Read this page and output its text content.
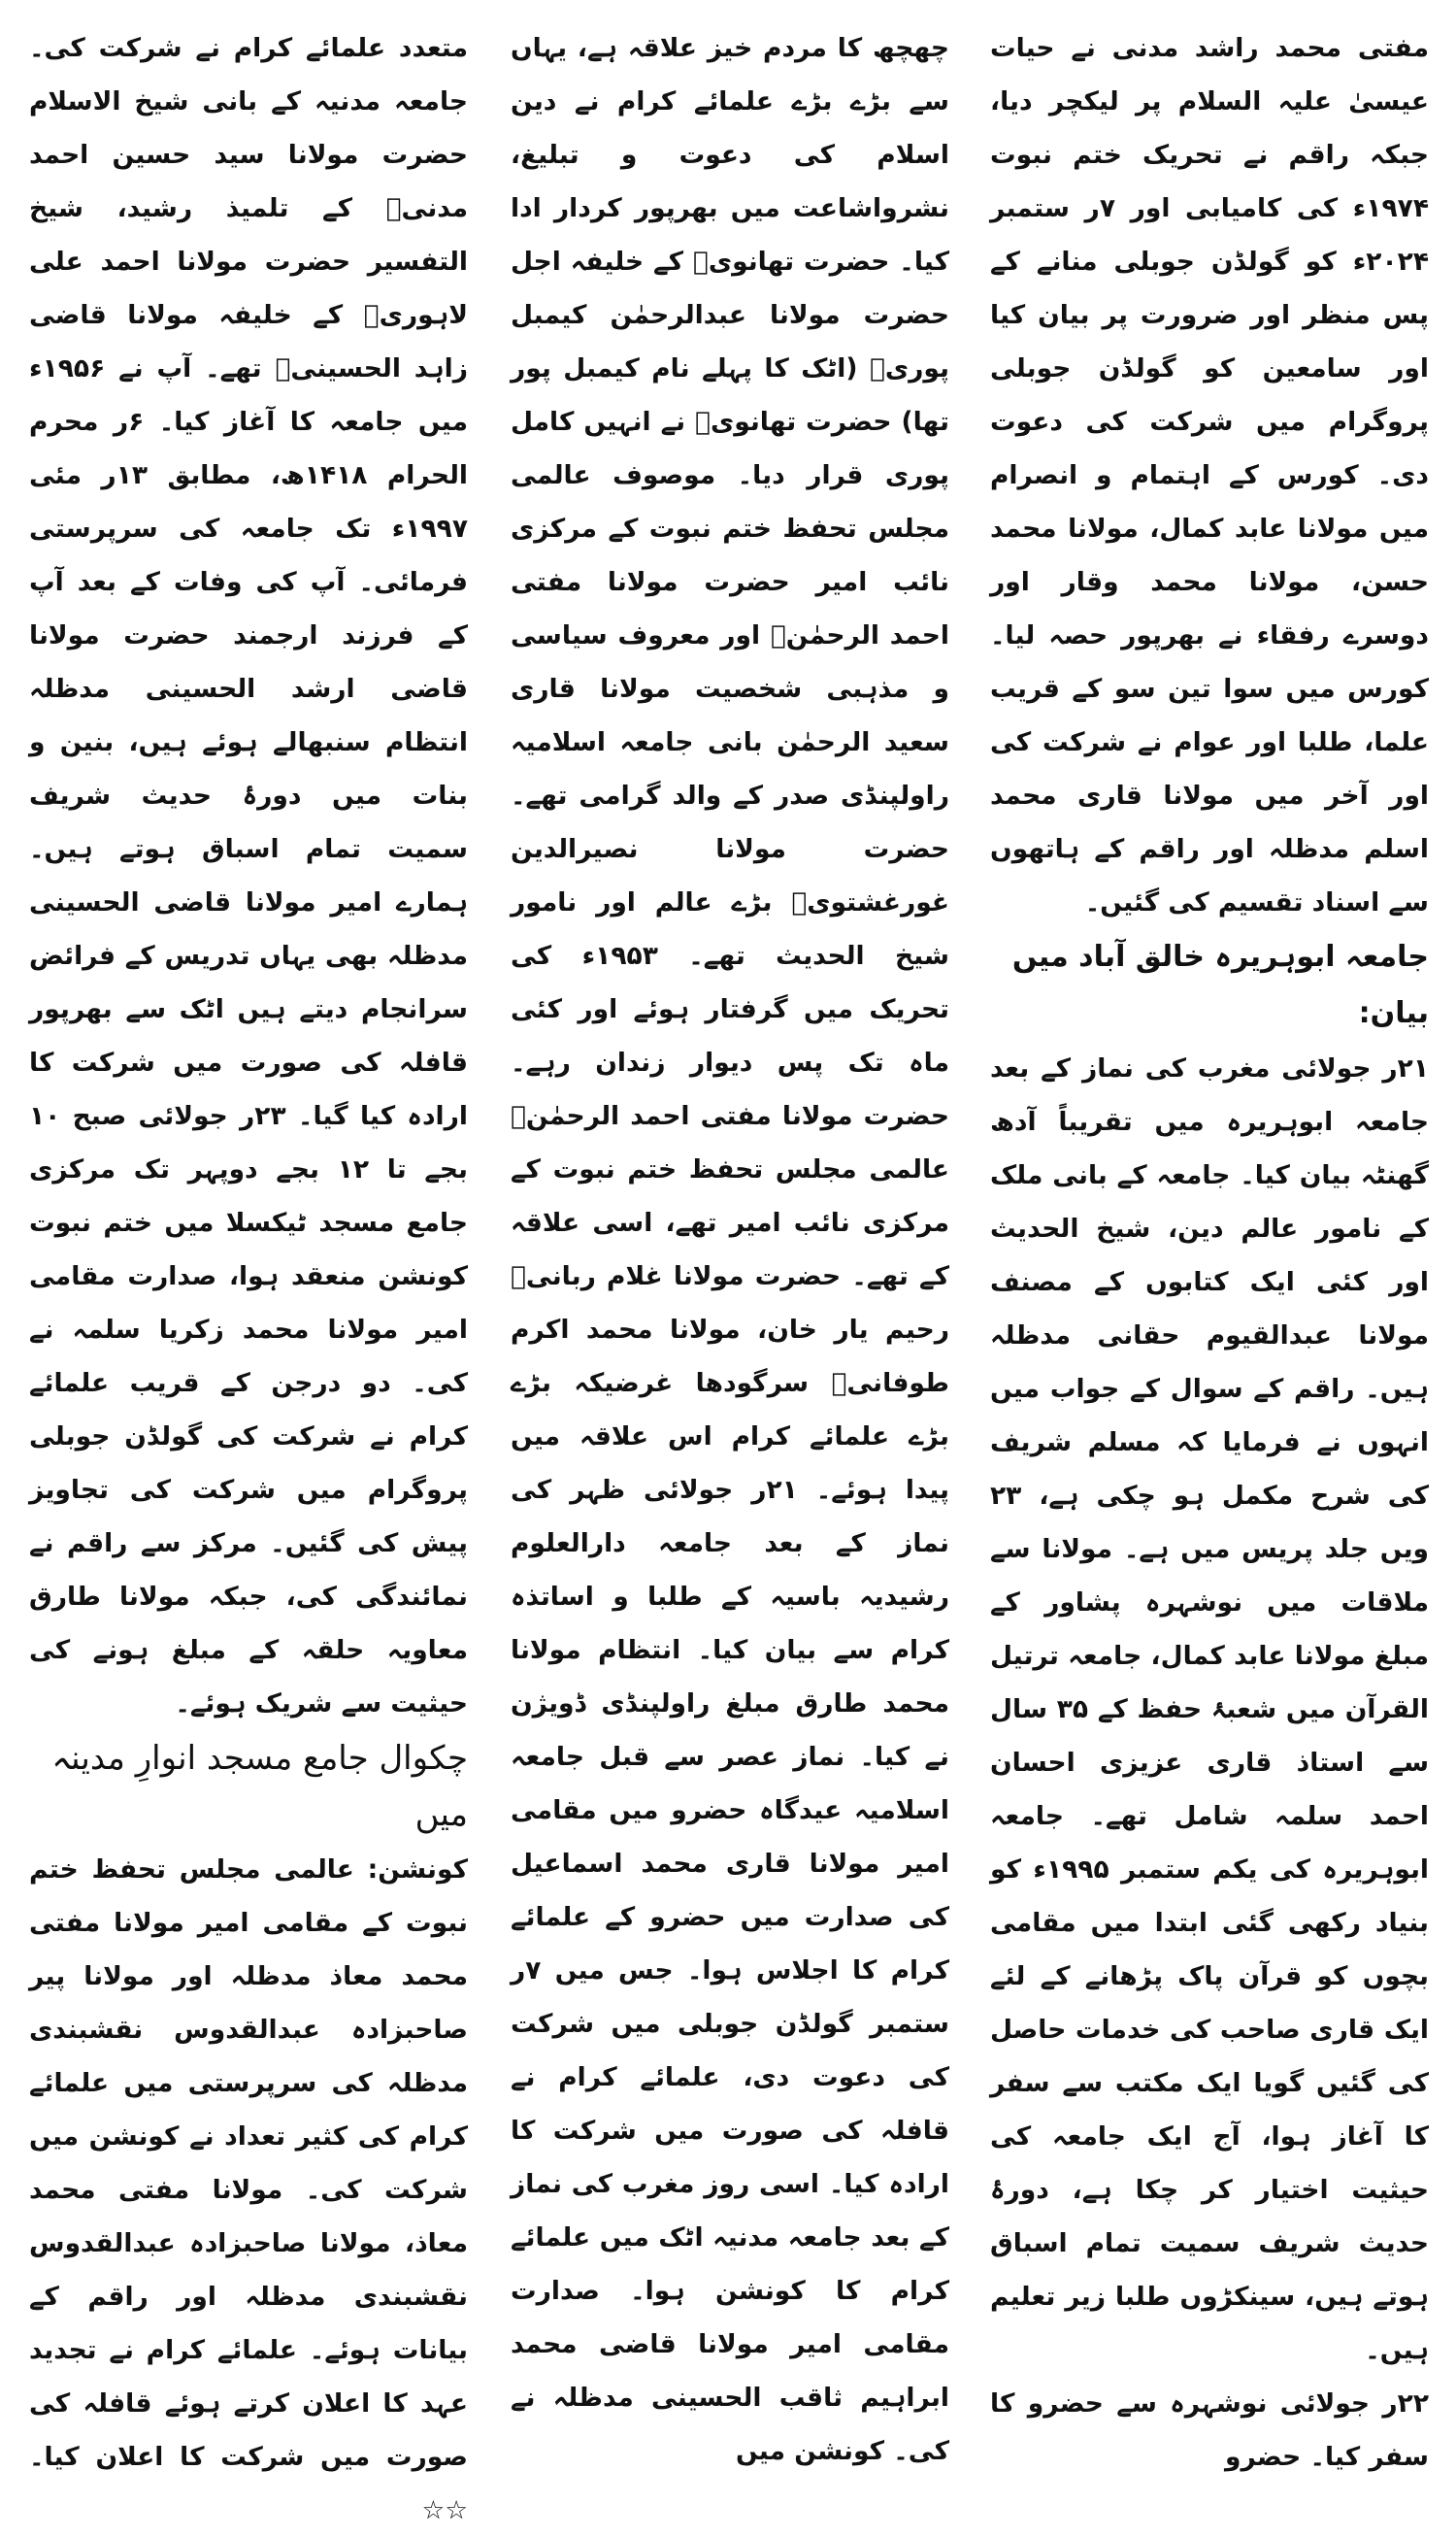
مفتی محمد راشد مدنی نے حیات عیسیٰ علیہ السلام پر لیکچر دیا، جبکہ راقم نے تحریک ختم نبوت ۱۹۷۴ء کی کامیابی اور ۷ر ستمبر ۲۰۲۴ء کو گولڈن جوبلی منانے کے پس منظر اور ضرورت پر بیان کیا اور سامعین کو گولڈن جوبلی پروگرام میں شرکت کی دعوت دی۔ کورس کے اہتمام و انصرام میں مولانا عابد کمال، مولانا محمد حسن، مولانا محمد وقار اور دوسرے رفقاء نے بھرپور حصہ لیا۔ کورس میں سوا تین سو کے قریب علما، طلبا اور عوام نے شرکت کی اور آخر میں مولانا قاری محمد اسلم مدظلہ اور راقم کے ہاتھوں سے اسناد تقسیم کی گئیں۔

جامعہ ابوہریرہ خالق آباد میں بیان:

۲۱ر جولائی مغرب کی نماز کے بعد جامعہ ابوہریرہ میں تقریباً آدھ گھنٹہ بیان کیا۔ جامعہ کے بانی ملک کے نامور عالم دین، شیخ الحدیث اور کئی ایک کتابوں کے مصنف مولانا عبدالقیوم حقانی مدظلہ ہیں۔ راقم کے سوال کے جواب میں انہوں نے فرمایا کہ مسلم شریف کی شرح مکمل ہو چکی ہے، ۲۳ ویں جلد پریس میں ہے۔ مولانا سے ملاقات میں نوشہرہ پشاور کے مبلغ مولانا عابد کمال، جامعہ ترتیل القرآن میں شعبۂ حفظ کے ۳۵ سال سے استاذ قاری عزیزی احسان احمد سلمہ شامل تھے۔ جامعہ ابوہریرہ کی یکم ستمبر ۱۹۹۵ء کو بنیاد رکھی گئی ابتدا میں مقامی بچوں کو قرآن پاک پڑھانے کے لئے ایک قاری صاحب کی خدمات حاصل کی گئیں گویا ایک مکتب سے سفر کا آغاز ہوا، آج ایک جامعہ کی حیثیت اختیار کر چکا ہے، دورۂ حدیث شریف سمیت تمام اسباق ہوتے ہیں، سینکڑوں طلبا زیر تعلیم ہیں۔

۲۲ر جولائی نوشہرہ سے حضرو کا سفر کیا۔ حضرو

چھچھ کا مردم خیز علاقہ ہے، یہاں سے بڑے بڑے علمائے کرام نے دین اسلام کی دعوت و تبلیغ، نشرواشاعت میں بھرپور کردار ادا کیا۔ حضرت تھانویؒ کے خلیفہ اجل حضرت مولانا عبدالرحمٰن کیمبل پوریؒ (اٹک کا پہلے نام کیمبل پور تھا) حضرت تھانویؒ نے انہیں کامل پوری قرار دیا۔ موصوف عالمی مجلس تحفظ ختم نبوت کے مرکزی نائب امیر حضرت مولانا مفتی احمد الرحمٰنؒ اور معروف سیاسی و مذہبی شخصیت مولانا قاری سعید الرحمٰن بانی جامعہ اسلامیہ راولپنڈی صدر کے والد گرامی تھے۔ حضرت مولانا نصیرالدین غورغشتویؒ بڑے عالم اور نامور شیخ الحدیث تھے۔ ۱۹۵۳ء کی تحریک میں گرفتار ہوئے اور کئی ماہ تک پس دیوار زندان رہے۔ حضرت مولانا مفتی احمد الرحمٰنؒ عالمی مجلس تحفظ ختم نبوت کے مرکزی نائب امیر تھے، اسی علاقہ کے تھے۔ حضرت مولانا غلام ربانیؒ رحیم یار خان، مولانا محمد اکرم طوفانیؒ سرگودھا غرضیکہ بڑے بڑے علمائے کرام اس علاقہ میں پیدا ہوئے۔ ۲۱ر جولائی ظہر کی نماز کے بعد جامعہ دارالعلوم رشیدیہ باسیہ کے طلبا و اساتذہ کرام سے بیان کیا۔ انتظام مولانا محمد طارق مبلغ راولپنڈی ڈویژن نے کیا۔ نماز عصر سے قبل جامعہ اسلامیہ عیدگاہ حضرو میں مقامی امیر مولانا قاری محمد اسماعیل کی صدارت میں حضرو کے علمائے کرام کا اجلاس ہوا۔ جس میں ۷ر ستمبر گولڈن جوبلی میں شرکت کی دعوت دی، علمائے کرام نے قافلہ کی صورت میں شرکت کا ارادہ کیا۔ اسی روز مغرب کی نماز کے بعد جامعہ مدنیہ اٹک میں علمائے کرام کا کونشن ہوا۔ صدارت مقامی امیر مولانا قاضی محمد ابراہیم ثاقب الحسینی مدظلہ نے کی۔ کونشن میں

متعدد علمائے کرام نے شرکت کی۔ جامعہ مدنیہ کے بانی شیخ الاسلام حضرت مولانا سید حسین احمد مدنیؒ کے تلمیذ رشید، شیخ التفسیر حضرت مولانا احمد علی لاہوریؒ کے خلیفہ مولانا قاضی زاہد الحسینیؒ تھے۔ آپ نے ۱۹۵۶ء میں جامعہ کا آغاز کیا۔ ۶ر محرم الحرام ۱۴۱۸ھ، مطابق ۱۳ر مئی ۱۹۹۷ء تک جامعہ کی سرپرستی فرمائی۔ آپ کی وفات کے بعد آپ کے فرزند ارجمند حضرت مولانا قاضی ارشد الحسینی مدظلہ انتظام سنبھالے ہوئے ہیں، بنین و بنات میں دورۂ حدیث شریف سمیت تمام اسباق ہوتے ہیں۔ ہمارے امیر مولانا قاضی الحسینی مدظلہ بھی یہاں تدریس کے فرائض سرانجام دیتے ہیں اٹک سے بھرپور قافلہ کی صورت میں شرکت کا ارادہ کیا گیا۔ ۲۳ر جولائی صبح ۱۰ بجے تا ۱۲ بجے دوپہر تک مرکزی جامع مسجد ٹیکسلا میں ختم نبوت کونشن منعقد ہوا، صدارت مقامی امیر مولانا محمد زکریا سلمہ نے کی۔ دو درجن کے قریب علمائے کرام نے شرکت کی گولڈن جوبلی پروگرام میں شرکت کی تجاویز پیش کی گئیں۔ مرکز سے راقم نے نمائندگی کی، جبکہ مولانا طارق معاویہ حلقہ کے مبلغ ہونے کی حیثیت سے شریک ہوئے۔

چکوال جامع مسجد انوارِ مدینہ میں

کونشن: عالمی مجلس تحفظ ختم نبوت کے مقامی امیر مولانا مفتی محمد معاذ مدظلہ اور مولانا پیر صاحبزادہ عبدالقدوس نقشبندی مدظلہ کی سرپرستی میں علمائے کرام کی کثیر تعداد نے کونشن میں شرکت کی۔ مولانا مفتی محمد معاذ، مولانا صاحبزادہ عبدالقدوس نقشبندی مدظلہ اور راقم کے بیانات ہوئے۔ علمائے کرام نے تجدید عہد کا اعلان کرتے ہوئے قافلہ کی صورت میں شرکت کا اعلان کیا۔ ☆☆
